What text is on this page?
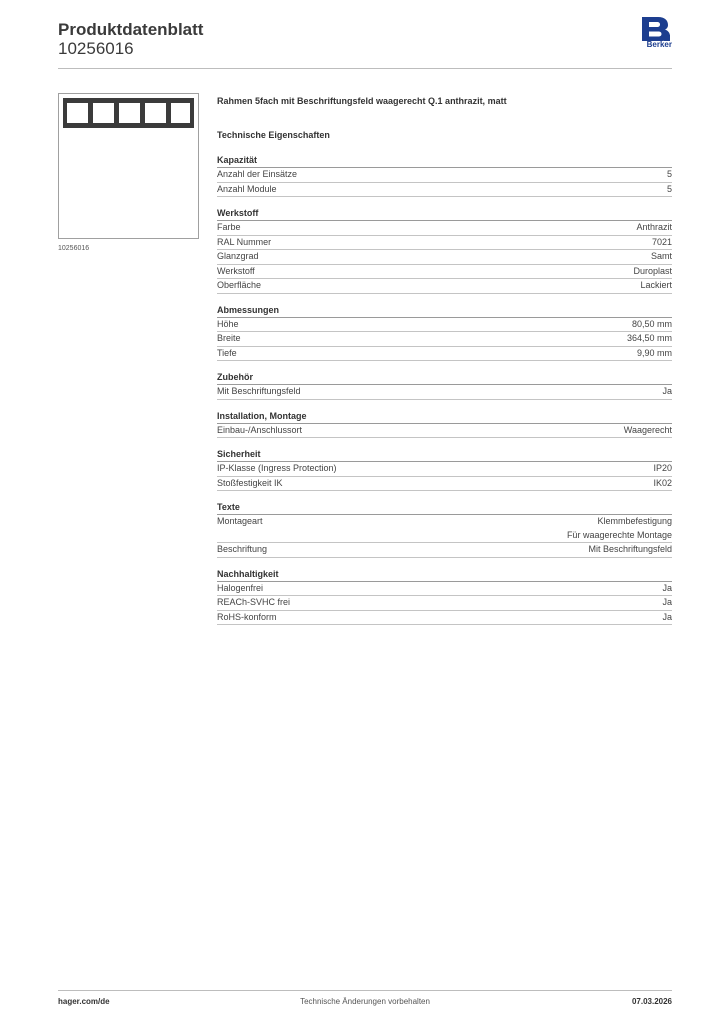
Produktdatenblatt
10256016	Berker
10256016
Rahmen 5fach mit Beschriftungsfeld waagerecht Q.1 anthrazit, matt
Technische Eigenschaften
Kapazität
Anzahl der Einsätze	5
Anzahl Module	5
Werkstoff
Farbe	Anthrazit
RAL Nummer	7021
Glanzgrad	Samt
Werkstoff	Duroplast
Oberfläche	Lackiert
Abmessungen
Höhe	80,50 mm
Breite	364,50 mm
Tiefe	9,90 mm
Zubehör
Mit Beschriftungsfeld	Ja
Installation, Montage
Einbau-/Anschlussort	Waagerecht
Sicherheit
IP-Klasse (Ingress Protection)	IP20
Stoßfestigkeit IK	IK02
Texte
Montageart	Klemmbefestigung
Für waagerechte Montage
Beschriftung	Mit Beschriftungsfeld
Nachhaltigkeit
Halogenfrei	Ja
REACh-SVHC frei	Ja
RoHS-konform	Ja
Technische Änderungen vorbehalten
hager.com/de	07.03.2026
